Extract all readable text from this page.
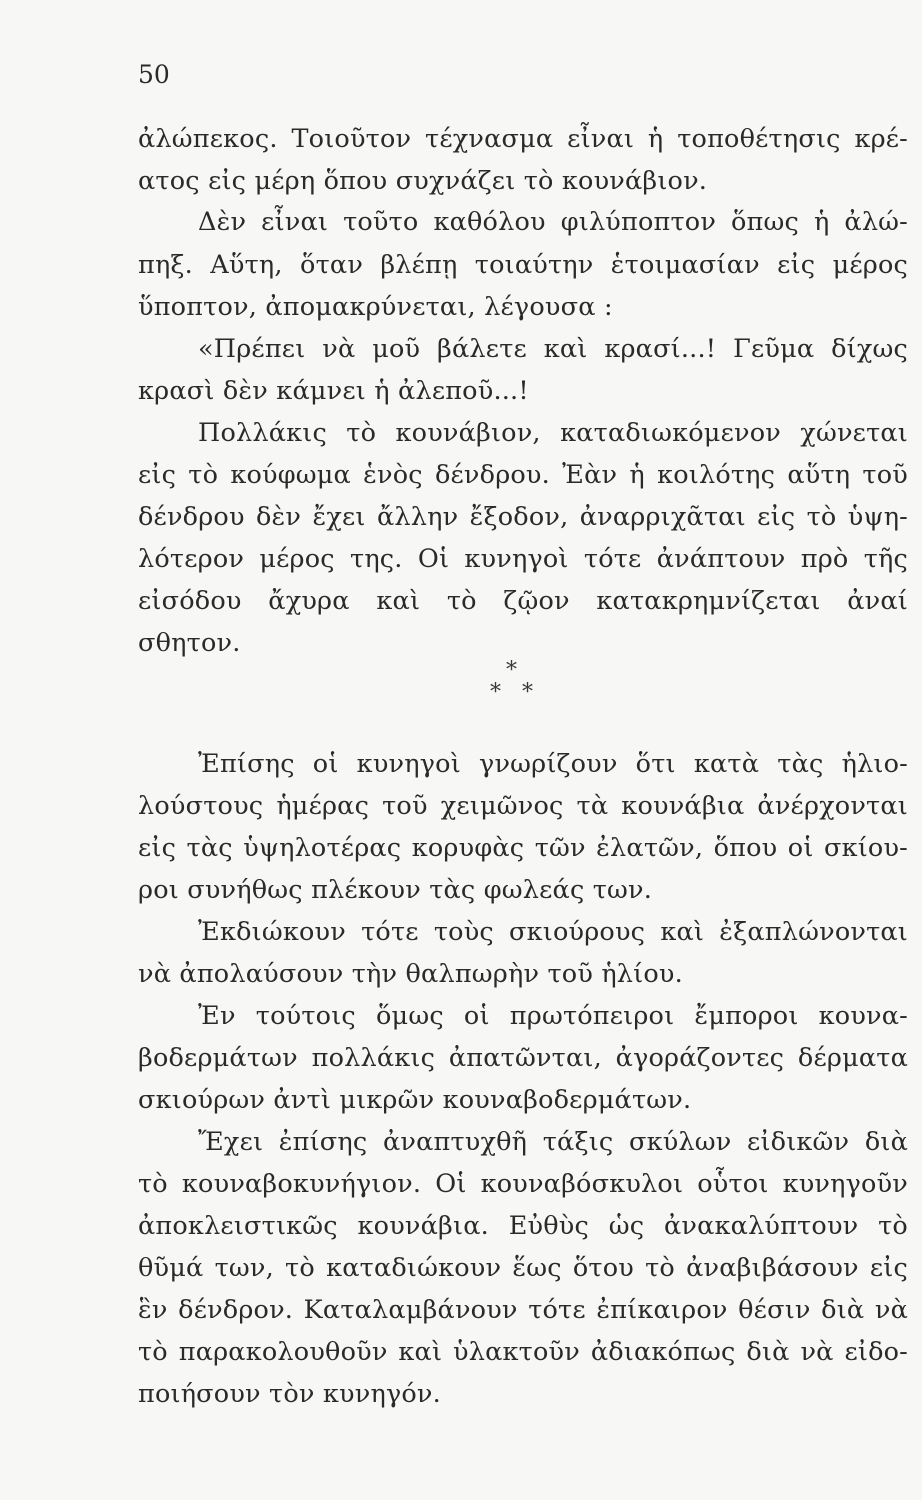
50
ἀλώπεκος. Τοιοῦτον τέχνασμα εἶναι ἡ τοποθέτησις κρέ-
ατος εἰς μέρη ὅπου συχνάζει τὸ κουνάβιον.
Δὲν εἶναι τοῦτο καθόλου φιλύποπτον ὅπως ἡ ἀλώ-
πηξ. Αὕτη, ὅταν βλέπῃ τοιαύτην ἑτοιμασίαν εἰς μέρος
ὕποπτον, ἀπομακρύνεται, λέγουσα :
«Πρέπει νὰ μοῦ βάλετε καὶ κρασί...! Γεῦμα δίχως
κρασὶ δὲν κάμνει ἡ ἀλεποῦ...!
Πολλάκις τὸ κουνάβιον, καταδιωκόμενον χώνεται
εἰς τὸ κούφωμα ἑνὸς δένδρου. Ἐὰν ἡ κοιλότης αὕτη τοῦ
δένδρου δὲν ἔχει ἄλλην ἔξοδον, ἀναρριχᾶται εἰς τὸ ὑψη-
λότερον μέρος της. Οἱ κυνηγοὶ τότε ἀνάπτουν πρὸ τῆς
εἰσόδου ἄχυρα καὶ τὸ ζῷον κατακρημνίζεται ἀναί
σθητον.
*
* *
Ἐπίσης οἱ κυνηγοὶ γνωρίζουν ὅτι κατὰ τὰς ἡλιο-
λούστους ἡμέρας τοῦ χειμῶνος τὰ κουνάβια ἀνέρχονται
εἰς τὰς ὑψηλοτέρας κορυφὰς τῶν ἐλατῶν, ὅπου οἱ σκίου-
ροι συνήθως πλέκουν τὰς φωλεάς των.
Ἐκδιώκουν τότε τοὺς σκιούρους καὶ ἐξαπλώνονται
νὰ ἀπολαύσουν τὴν θαλπωρὴν τοῦ ἡλίου.
Ἐν τούτοις ὅμως οἱ πρωτόπειροι ἔμποροι κουνα-
βοδερμάτων πολλάκις ἀπατῶνται, ἀγοράζοντες δέρματα
σκιούρων ἀντὶ μικρῶν κουναβοδερμάτων.
Ἔχει ἐπίσης ἀναπτυχθῆ τάξις σκύλων εἰδικῶν διὰ
τὸ κουναβοκυνήγιον. Οἱ κουναβόσκυλοι οὗτοι κυνηγοῦν
ἀποκλειστικῶς κουνάβια. Εὐθὺς ὡς ἀνακαλύπτουν τὸ
θῦμά των, τὸ καταδιώκουν ἕως ὅτου τὸ ἀναβιβάσουν εἰς
ἓν δένδρον. Καταλαμβάνουν τότε ἐπίκαιρον θέσιν διὰ νὰ
τὸ παρακολουθοῦν καὶ ὑλακτοῦν ἀδιακόπως διὰ νὰ εἰδο-
ποιήσουν τὸν κυνηγόν.
